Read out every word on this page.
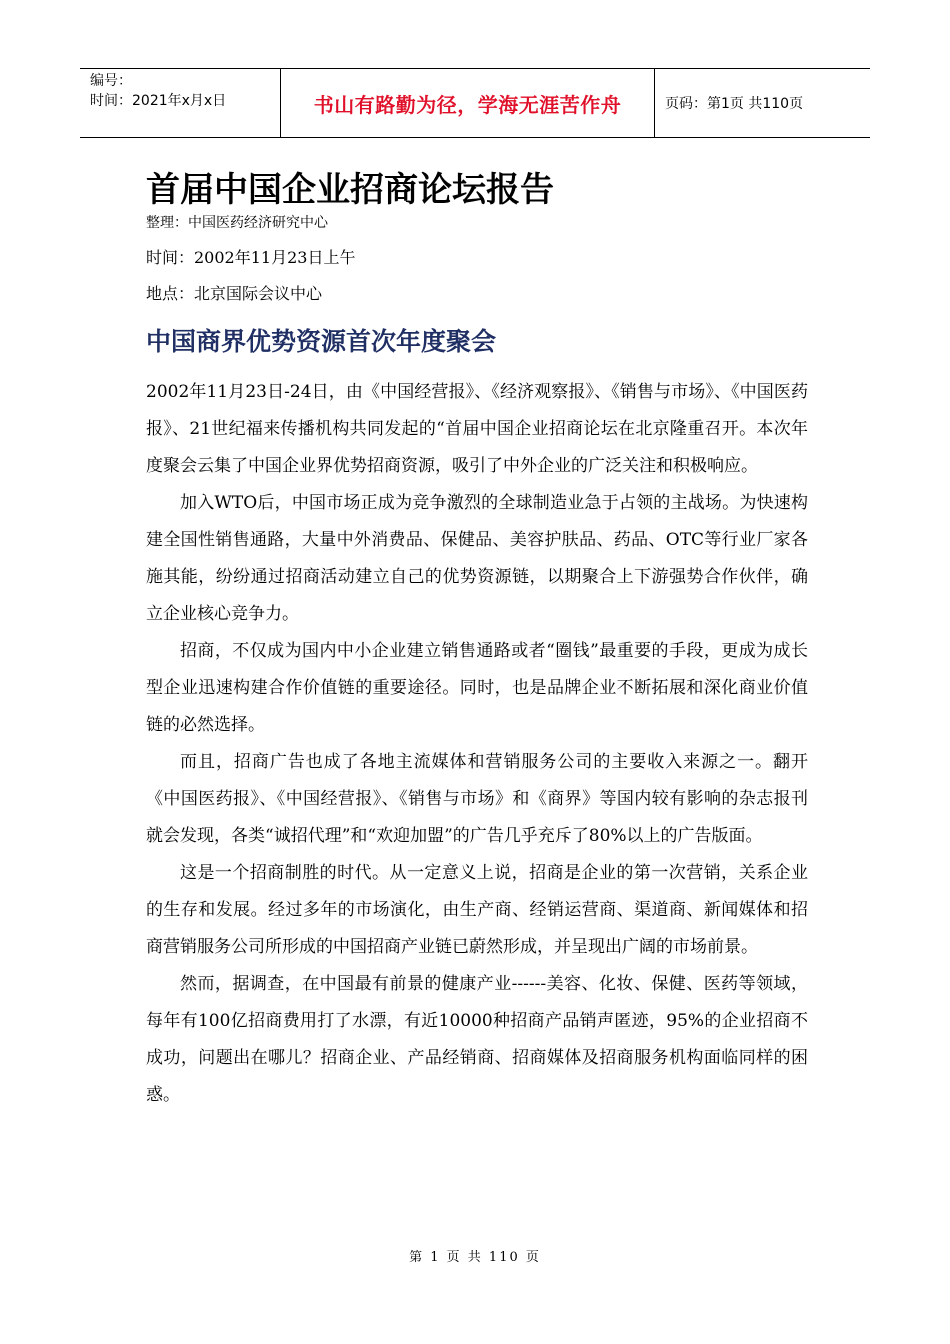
编号：
时间：2021年x月x日	书山有路勤为径，学海无涯苦作舟	页码：第1页 共110页
首届中国企业招商论坛报告
整理：中国医药经济研究中心
时间：2002年11月23日上午
地点：北京国际会议中心
中国商界优势资源首次年度聚会

2002年11月23日-24日，由《中国经营报》、《经济观察报》、《销售与市场》、《中国医药报》、21世纪福来传播机构共同发起的“首届中国企业招商论坛在北京隆重召开。本次年度聚会云集了中国企业界优势招商资源，吸引了中外企业的广泛关注和积极响应。

加入WTO后，中国市场正成为竞争激烈的全球制造业急于占领的主战场。为快速构建全国性销售通路，大量中外消费品、保健品、美容护肤品、药品、OTC等行业厂家各施其能，纷纷通过招商活动建立自己的优势资源链，以期聚合上下游强势合作伙伴，确立企业核心竞争力。

招商，不仅成为国内中小企业建立销售通路或者“圈钱”最重要的手段，更成为成长型企业迅速构建合作价值链的重要途径。同时，也是品牌企业不断拓展和深化商业价值链的必然选择。

而且，招商广告也成了各地主流媒体和营销服务公司的主要收入来源之一。翻开《中国医药报》、《中国经营报》、《销售与市场》和《商界》等国内较有影响的杂志报刊就会发现，各类“诚招代理”和“欢迎加盟”的广告几乎充斥了80%以上的广告版面。

这是一个招商制胜的时代。从一定意义上说，招商是企业的第一次营销，关系企业的生存和发展。经过多年的市场演化，由生产商、经销运营商、渠道商、新闻媒体和招商营销服务公司所形成的中国招商产业链已蔚然形成，并呈现出广阔的市场前景。

然而，据调查，在中国最有前景的健康产业------美容、化妆、保健、医药等领域，每年有100亿招商费用打了水漂，有近10000种招商产品销声匿迹，95%的企业招商不成功，问题出在哪儿？招商企业、产品经销商、招商媒体及招商服务机构面临同样的困惑。

第 1 页 共 110 页
